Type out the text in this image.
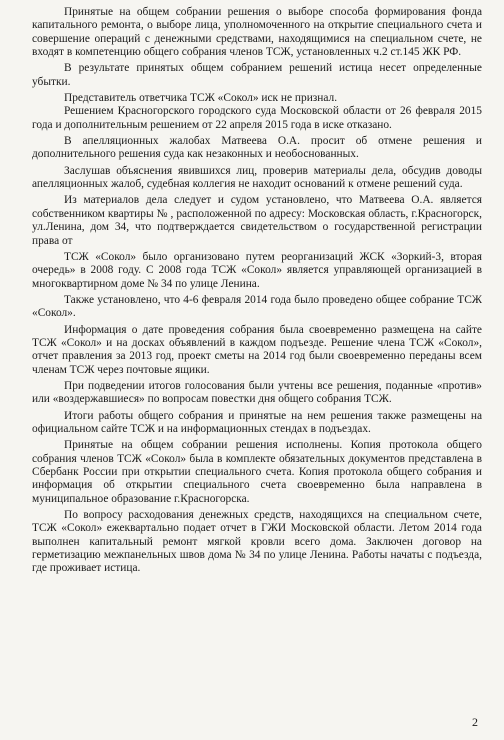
Принятые на общем собрании решения о выборе способа формирования фонда капитального ремонта, о выборе лица, уполномоченного на открытие специального счета и совершение операций с денежными средствами, находящимися на специальном счете, не входят в компетенцию общего собрания членов ТСЖ, установленных ч.2 ст.145 ЖК РФ.

В результате принятых общем собранием решений истица несет определенные убытки.

Представитель ответчика ТСЖ «Сокол» иск не признал.

Решением Красногорского городского суда Московской области от 26 февраля 2015 года и дополнительным решением от 22 апреля 2015 года в иске отказано.

В апелляционных жалобах Матвеева О.А. просит об отмене решения и дополнительного решения суда как незаконных и необоснованных.

Заслушав объяснения явившихся лиц, проверив материалы дела, обсудив доводы апелляционных жалоб, судебная коллегия не находит оснований к отмене решений суда.

Из материалов дела следует и судом установлено, что Матвеева О.А. является собственником квартиры № , расположенной по адресу: Московская область, г.Красногорск, ул.Ленина, дом 34, что подтверждается свидетельством о государственной регистрации права от

ТСЖ «Сокол» было организовано путем реорганизаций ЖСК «Зоркий-3, вторая очередь» в 2008 году. С 2008 года ТСЖ «Сокол» является управляющей организацией в многоквартирном доме № 34 по улице Ленина.

Также установлено, что 4-6 февраля 2014 года было проведено общее собрание ТСЖ «Сокол».

Информация о дате проведения собрания была своевременно размещена на сайте ТСЖ «Сокол» и на досках объявлений в каждом подъезде. Решение члена ТСЖ «Сокол», отчет правления за 2013 год, проект сметы на 2014 год были своевременно переданы всем членам ТСЖ через почтовые ящики.

При подведении итогов голосования были учтены все решения, поданные «против» или «воздержавшиеся» по вопросам повестки дня общего собрания ТСЖ.

Итоги работы общего собрания и принятые на нем решения также размещены на официальном сайте ТСЖ и на информационных стендах в подъездах.

Принятые на общем собрании решения исполнены. Копия протокола общего собрания членов ТСЖ «Сокол» была в комплекте обязательных документов представлена в Сбербанк России при открытии специального счета. Копия протокола общего собрания и информация об открытии специального счета своевременно была направлена в муниципальное образование г.Красногорска.

По вопросу расходования денежных средств, находящихся на специальном счете, ТСЖ «Сокол» ежеквартально подает отчет в ГЖИ Московской области. Летом 2014 года выполнен капитальный ремонт мягкой кровли всего дома. Заключен договор на герметизацию межпанельных швов дома № 34 по улице Ленина. Работы начаты с подъезда, где проживает истица.

2
